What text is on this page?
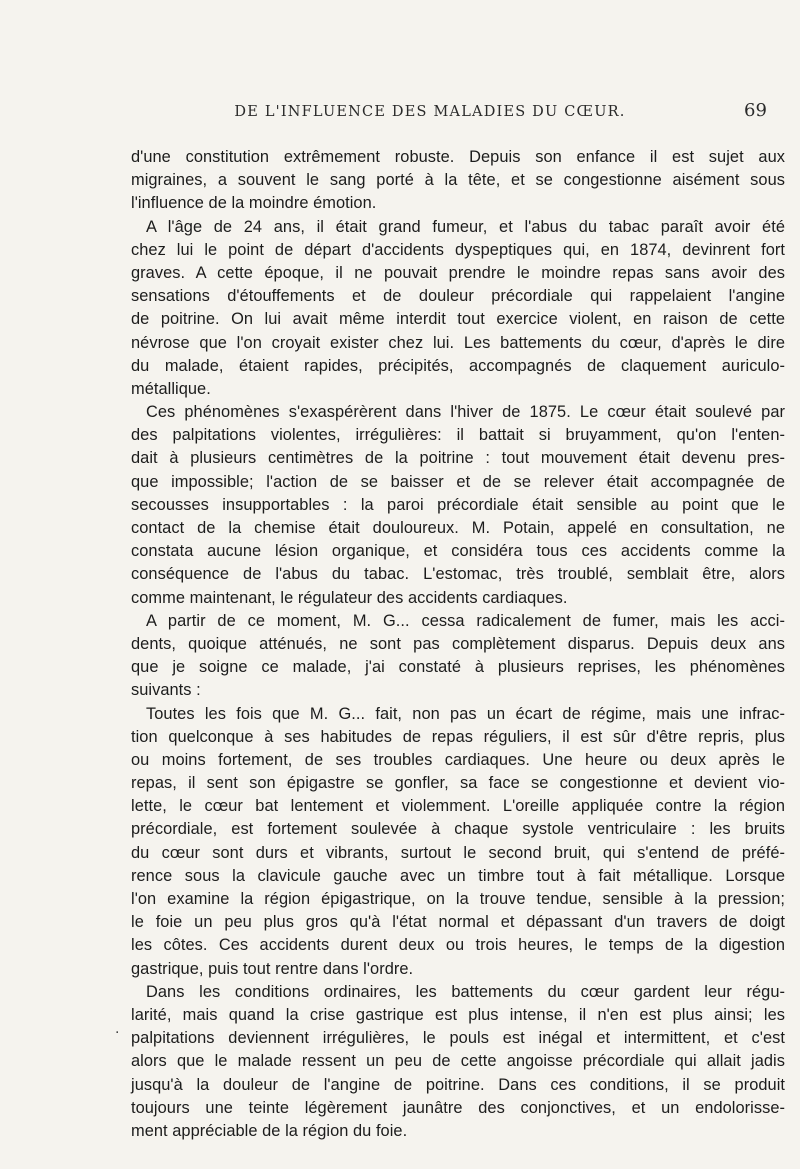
DE L'INFLUENCE DES MALADIES DU CŒUR.	69
.
d'une constitution extrêmement robuste. Depuis son enfance il est sujet aux
migraines, a souvent le sang porté à la tête, et se congestionne aisément sous
l'influence de la moindre émotion.
A l'âge de 24 ans, il était grand fumeur, et l'abus du tabac paraît avoir été
chez lui le point de départ d'accidents dyspeptiques qui, en 1874, devinrent fort
graves. A cette époque, il ne pouvait prendre le moindre repas sans avoir des
sensations d'étouffements et de douleur précordiale qui rappelaient l'angine
de poitrine. On lui avait même interdit tout exercice violent, en raison de cette
névrose que l'on croyait exister chez lui. Les battements du cœur, d'après le dire
du malade, étaient rapides, précipités, accompagnés de claquement auriculo-
métallique.
Ces phénomènes s'exaspérèrent dans l'hiver de 1875. Le cœur était soulevé par
des palpitations violentes, irrégulières: il battait si bruyamment, qu'on l'enten-
dait à plusieurs centimètres de la poitrine : tout mouvement était devenu pres-
que impossible; l'action de se baisser et de se relever était accompagnée de
secousses insupportables : la paroi précordiale était sensible au point que le
contact de la chemise était douloureux. M. Potain, appelé en consultation, ne
constata aucune lésion organique, et considéra tous ces accidents comme la
conséquence de l'abus du tabac. L'estomac, très troublé, semblait être, alors
comme maintenant, le régulateur des accidents cardiaques.
A partir de ce moment, M. G... cessa radicalement de fumer, mais les acci-
dents, quoique atténués, ne sont pas complètement disparus. Depuis deux ans
que je soigne ce malade, j'ai constaté à plusieurs reprises, les phénomènes
suivants :
Toutes les fois que M. G... fait, non pas un écart de régime, mais une infrac-
tion quelconque à ses habitudes de repas réguliers, il est sûr d'être repris, plus
ou moins fortement, de ses troubles cardiaques. Une heure ou deux après le
repas, il sent son épigastre se gonfler, sa face se congestionne et devient vio-
lette, le cœur bat lentement et violemment. L'oreille appliquée contre la région
précordiale, est fortement soulevée à chaque systole ventriculaire : les bruits
du cœur sont durs et vibrants, surtout le second bruit, qui s'entend de préfé-
rence sous la clavicule gauche avec un timbre tout à fait métallique. Lorsque
l'on examine la région épigastrique, on la trouve tendue, sensible à la pression;
le foie un peu plus gros qu'à l'état normal et dépassant d'un travers de doigt
les côtes. Ces accidents durent deux ou trois heures, le temps de la digestion
gastrique, puis tout rentre dans l'ordre.
Dans les conditions ordinaires, les battements du cœur gardent leur régu-
larité, mais quand la crise gastrique est plus intense, il n'en est plus ainsi; les
palpitations deviennent irrégulières, le pouls est inégal et intermittent, et c'est
alors que le malade ressent un peu de cette angoisse précordiale qui allait jadis
jusqu'à la douleur de l'angine de poitrine. Dans ces conditions, il se produit
toujours une teinte légèrement jaunâtre des conjonctives, et un endolorisse-
ment appréciable de la région du foie.
